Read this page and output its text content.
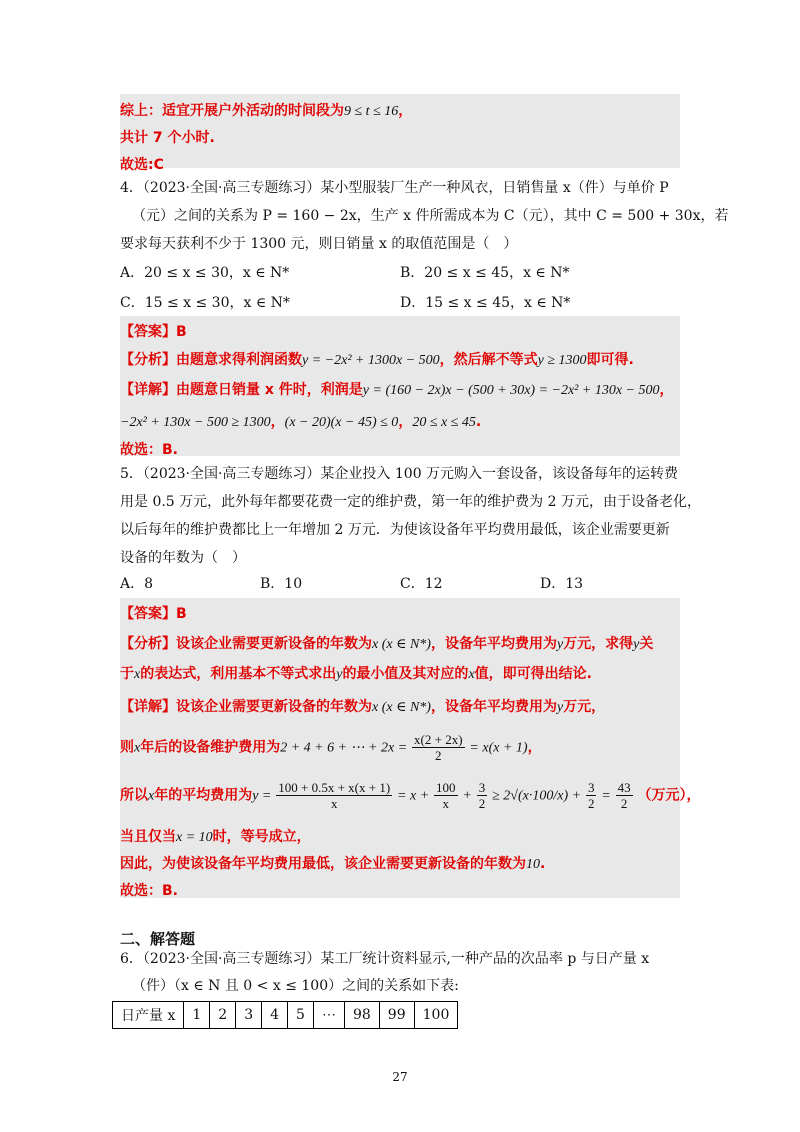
综上：适宜开展户外活动的时间段为9 ≤ t ≤ 16，
共计 7 个小时.
故选:C
4．（2023·全国·高三专题练习）某小型服装厂生产一种风衣，日销售量 x（件）与单价 P
（元）之间的关系为 P = 160 − 2x，生产 x 件所需成本为 C（元），其中 C = 500 + 30x，若
要求每天获利不少于 1300 元，则日销量 x 的取值范围是（　）
A．20 ≤ x ≤ 30，x ∈ N*	B．20 ≤ x ≤ 45，x ∈ N*
C．15 ≤ x ≤ 30，x ∈ N*	D．15 ≤ x ≤ 45，x ∈ N*
【答案】B
【分析】由题意求得利润函数y = −2x² + 1300x − 500，然后解不等式y ≥ 1300即可得.
【详解】由题意日销量 x 件时，利润是y = (160 − 2x)x − (500 + 30x) = −2x² + 130x − 500，
−2x² + 130x − 500 ≥ 1300，(x − 20)(x − 45) ≤ 0，20 ≤ x ≤ 45.
故选：B.
5．（2023·全国·高三专题练习）某企业投入 100 万元购入一套设备，该设备每年的运转费
用是 0.5 万元，此外每年都要花费一定的维护费，第一年的维护费为 2 万元，由于设备老化，
以后每年的维护费都比上一年增加 2 万元．为使该设备年平均费用最低，该企业需要更新
设备的年数为（　）
A．8	B．10	C．12	D．13
【答案】B
【分析】设该企业需要更新设备的年数为x (x ∈ N*)，设备年平均费用为y万元，求得y关
于x的表达式，利用基本不等式求出y的最小值及其对应的x值，即可得出结论.
【详解】设该企业需要更新设备的年数为x (x ∈ N*)，设备年平均费用为y万元，
则x年后的设备维护费用为2 + 4 + 6 + ⋯ + $2x = \frac{x(2 + 2x)}{2} = x(x + 1)$，
所以x年的平均费用为$y = \frac{100 + 0.5x + x(x + 1)}{x} = x + \frac{100}{x} + \frac{3}{2} \ge 2√(x\cdot 100/x) + \frac{3}{2} = \frac{43}{2}$ （万元），
当且仅当x = 10时，等号成立，
因此，为使该设备年平均费用最低，该企业需要更新设备的年数为10.
故选：B.
二、解答题
6．（2023·全国·高三专题练习）某工厂统计资料显示,一种产品的次品率 p 与日产量 x
（件）（x ∈ N 且 0 < x ≤ 100）之间的关系如下表:
日产量 x	1	2	3	4	5	⋯	98	99	100
27
